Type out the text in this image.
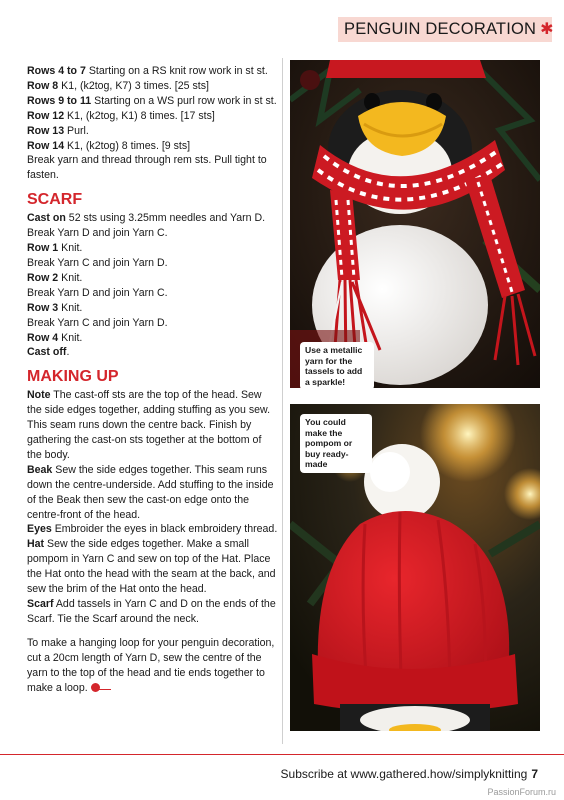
PENGUIN DECORATION ✱
Rows 4 to 7 Starting on a RS knit row work in st st.
Row 8 K1, (k2tog, K7) 3 times. [25 sts]
Rows 9 to 11 Starting on a WS purl row work in st st.
Row 12 K1, (k2tog, K1) 8 times. [17 sts]
Row 13 Purl.
Row 14 K1, (k2tog) 8 times. [9 sts]
Break yarn and thread through rem sts. Pull tight to fasten.
SCARF
Cast on 52 sts using 3.25mm needles and Yarn D.
Break Yarn D and join Yarn C.
Row 1 Knit.
Break Yarn C and join Yarn D.
Row 2 Knit.
Break Yarn D and join Yarn C.
Row 3 Knit.
Break Yarn C and join Yarn D.
Row 4 Knit.
Cast off.
MAKING UP
Note The cast-off sts are the top of the head. Sew the side edges together, adding stuffing as you sew. This seam runs down the centre back. Finish by gathering the cast-on sts together at the bottom of the body.
Beak Sew the side edges together. This seam runs down the centre-underside. Add stuffing to the inside of the Beak then sew the cast-on edge onto the centre-front of the head.
Eyes Embroider the eyes in black embroidery thread.
Hat Sew the side edges together. Make a small pompom in Yarn C and sew on top of the Hat. Place the Hat onto the head with the seam at the back, and sew the brim of the Hat onto the head.
Scarf Add tassels in Yarn C and D on the ends of the Scarf. Tie the Scarf around the neck.
To make a hanging loop for your penguin decoration, cut a 20cm length of Yarn D, sew the centre of the yarn to the top of the head and tie ends together to make a loop.
Use a metallic yarn for the tassels to add a sparkle!
You could make the pompom or buy ready-made
Subscribe at www.gathered.how/simplyknitting 7
PassionForum.ru
